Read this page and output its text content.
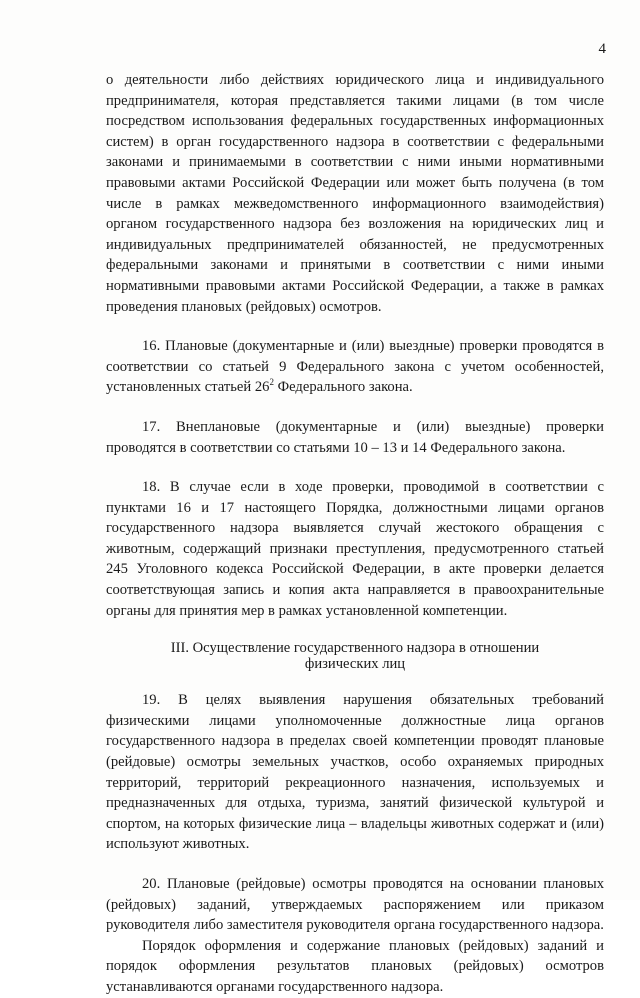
4

о деятельности либо действиях юридического лица и индивидуального предпринимателя, которая представляется такими лицами (в том числе посредством использования федеральных государственных информационных систем) в орган государственного надзора в соответствии с федеральными законами и принимаемыми в соответствии с ними иными нормативными правовыми актами Российской Федерации или может быть получена (в том числе в рамках межведомственного информационного взаимодействия) органом государственного надзора без возложения на юридических лиц и индивидуальных предпринимателей обязанностей, не предусмотренных федеральными законами и принятыми в соответствии с ними иными нормативными правовыми актами Российской Федерации, а также в рамках проведения плановых (рейдовых) осмотров.

16. Плановые (документарные и (или) выездные) проверки проводятся в соответствии со статьей 9 Федерального закона с учетом особенностей, установленных статьей $26^2$ Федерального закона.

17. Внеплановые (документарные и (или) выездные) проверки проводятся в соответствии со статьями 10 – 13 и 14 Федерального закона.

18. В случае если в ходе проверки, проводимой в соответствии с пунктами 16 и 17 настоящего Порядка, должностными лицами органов государственного надзора выявляется случай жестокого обращения с животным, содержащий признаки преступления, предусмотренного статьей 245 Уголовного кодекса Российской Федерации, в акте проверки делается соответствующая запись и копия акта направляется в правоохранительные органы для принятия мер в рамках установленной компетенции.

III. Осуществление государственного надзора в отношении
физических лиц

19. В целях выявления нарушения обязательных требований физическими лицами уполномоченные должностные лица органов государственного надзора в пределах своей компетенции проводят плановые (рейдовые) осмотры земельных участков, особо охраняемых природных территорий, территорий рекреационного назначения, используемых и предназначенных для отдыха, туризма, занятий физической культурой и спортом, на которых физические лица – владельцы животных содержат и (или) используют животных.

20. Плановые (рейдовые) осмотры проводятся на основании плановых (рейдовых) заданий, утверждаемых распоряжением или приказом руководителя либо заместителя руководителя органа государственного надзора.

Порядок оформления и содержание плановых (рейдовых) заданий и порядок оформления результатов плановых (рейдовых) осмотров устанавливаются органами государственного надзора.
